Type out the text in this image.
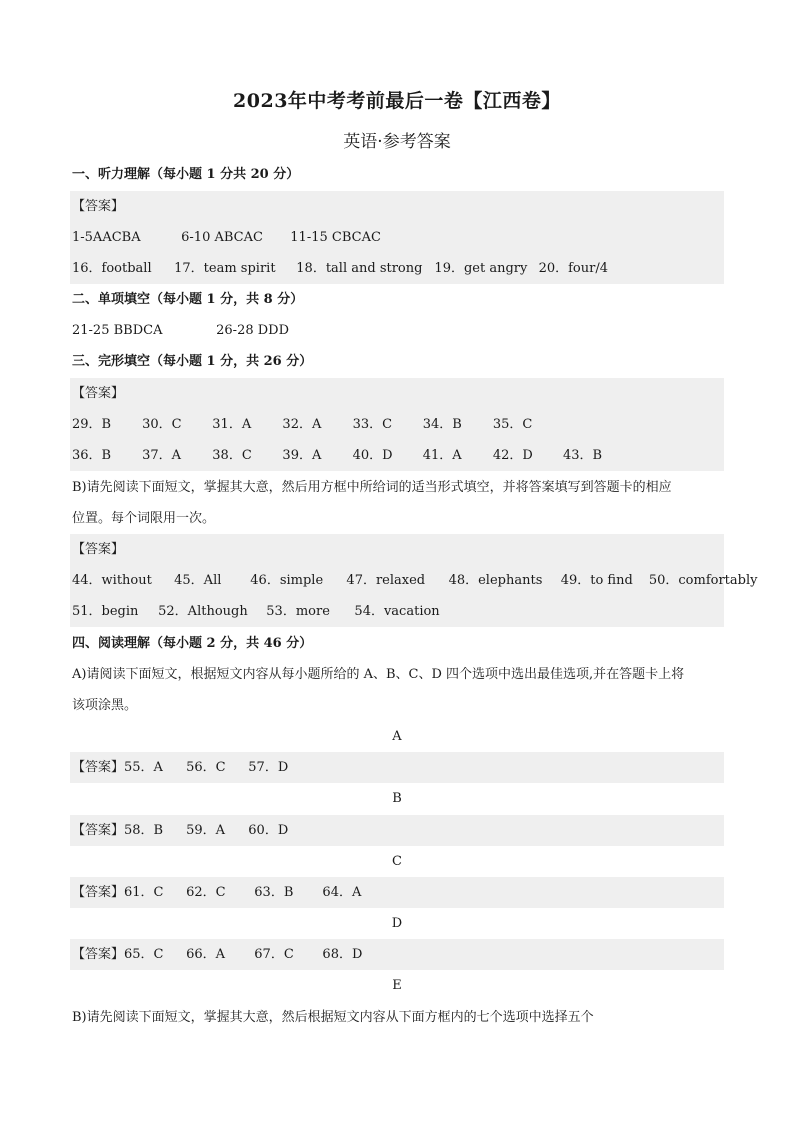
2023年中考考前最后一卷【江西卷】
英语·参考答案
一、听力理解（每小题 1 分共 20 分）
【答案】
1-5AACBA	6-10 ABCAC 11-15 CBCAC
16．football 17．team spirit 18．tall and strong 19．get angry 20．four/4
二、单项填空（每小题 1 分，共 8 分）
21-25 BBDCA	26-28 DDD
三、完形填空（每小题 1 分，共 26 分）
【答案】
29．B 30．C 31．A 32．A 33．C 34．B 35．C
36．B 37．A 38．C 39．A 40．D 41．A 42．D 43．B
B)请先阅读下面短文，掌握其大意，然后用方框中所给词的适当形式填空，并将答案填写到答题卡的相应
位置。每个词限用一次。
【答案】
44．without 45．All 46．simple 47．relaxed 48．elephants 49．to find 50．comfortably
51．begin 52．Although 53．more 54．vacation
四、阅读理解（每小题 2 分，共 46 分）
A)请阅读下面短文，根据短文内容从每小题所给的 A、B、C、D 四个选项中选出最佳选项,并在答题卡上将
该项涂黑。
A
【答案】55．A 56．C 57．D
B
【答案】58．B 59．A 60．D
C
【答案】61．C 62．C 63．B 64．A
D
【答案】65．C 66．A 67．C 68．D
E
B)请先阅读下面短文，掌握其大意，然后根据短文内容从下面方框内的七个选项中选择五个
